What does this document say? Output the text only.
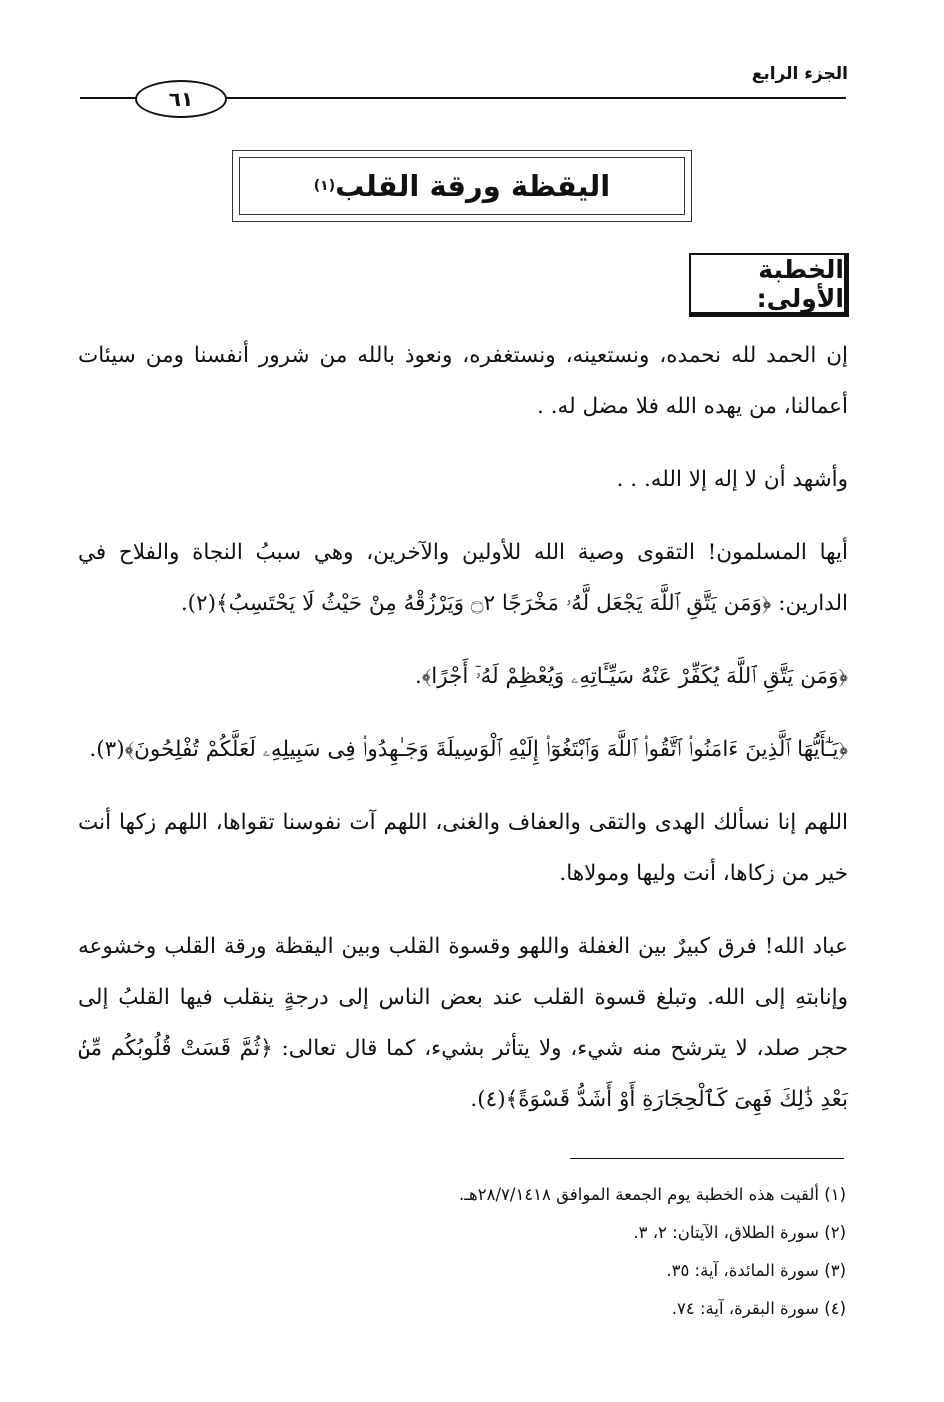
الجزء الرابع
٦١
اليقظة ورقة القلب
(١)
الخطبة الأولى:

إن الحمد لله نحمده، ونستعينه، ونستغفره، ونعوذ بالله من شرور أنفسنا ومن سيئات أعمالنا، من يهده الله فلا مضل له. .

وأشهد أن لا إله إلا الله. . .

أيها المسلمون! التقوى وصية الله للأولين والآخرين، وهي سببُ النجاة والفلاح في الدارين: ﴿وَمَن يَتَّقِ ٱللَّهَ يَجْعَل لَّهُۥ مَخْرَجًا ۝٢ وَيَرْزُقْهُ مِنْ حَيْثُ لَا يَحْتَسِبُ﴾(٢).

﴿وَمَن يَتَّقِ ٱللَّهَ يُكَفِّرْ عَنْهُ سَيِّـَٔاتِهِۦ وَيُعْظِمْ لَهُۥٓ أَجْرًا﴾.

﴿يَـٰٓأَيُّهَا ٱلَّذِينَ ءَامَنُوا۟ ٱتَّقُوا۟ ٱللَّهَ وَٱبْتَغُوٓا۟ إِلَيْهِ ٱلْوَسِيلَةَ وَجَـٰهِدُوا۟ فِى سَبِيلِهِۦ لَعَلَّكُمْ تُفْلِحُونَ﴾(٣).

اللهم إنا نسألك الهدى والتقى والعفاف والغنى، اللهم آت نفوسنا تقواها، اللهم زكها أنت خير من زكاها، أنت وليها ومولاها.

عباد الله! فرق كبيرٌ بين الغفلة واللهو وقسوة القلب وبين اليقظة ورقة القلب وخشوعه وإنابتهِ إلى الله. وتبلغ قسوة القلب عند بعض الناس إلى درجةٍ ينقلب فيها القلبُ إلى حجر صلد، لا يترشح منه شيء، ولا يتأثر بشيء، كما قال تعالى: ﴿ثُمَّ قَسَتْ قُلُوبُكُم مِّنۢ بَعْدِ ذَٰلِكَ فَهِىَ كَٱلْحِجَارَةِ أَوْ أَشَدُّ قَسْوَةً﴾(٤).

(١) ألقيت هذه الخطبة يوم الجمعة الموافق ٢٨/٧/١٤١٨هـ.
(٢) سورة الطلاق، الآيتان: ٢، ٣.
(٣) سورة المائدة، آية: ٣٥.
(٤) سورة البقرة، آية: ٧٤.
